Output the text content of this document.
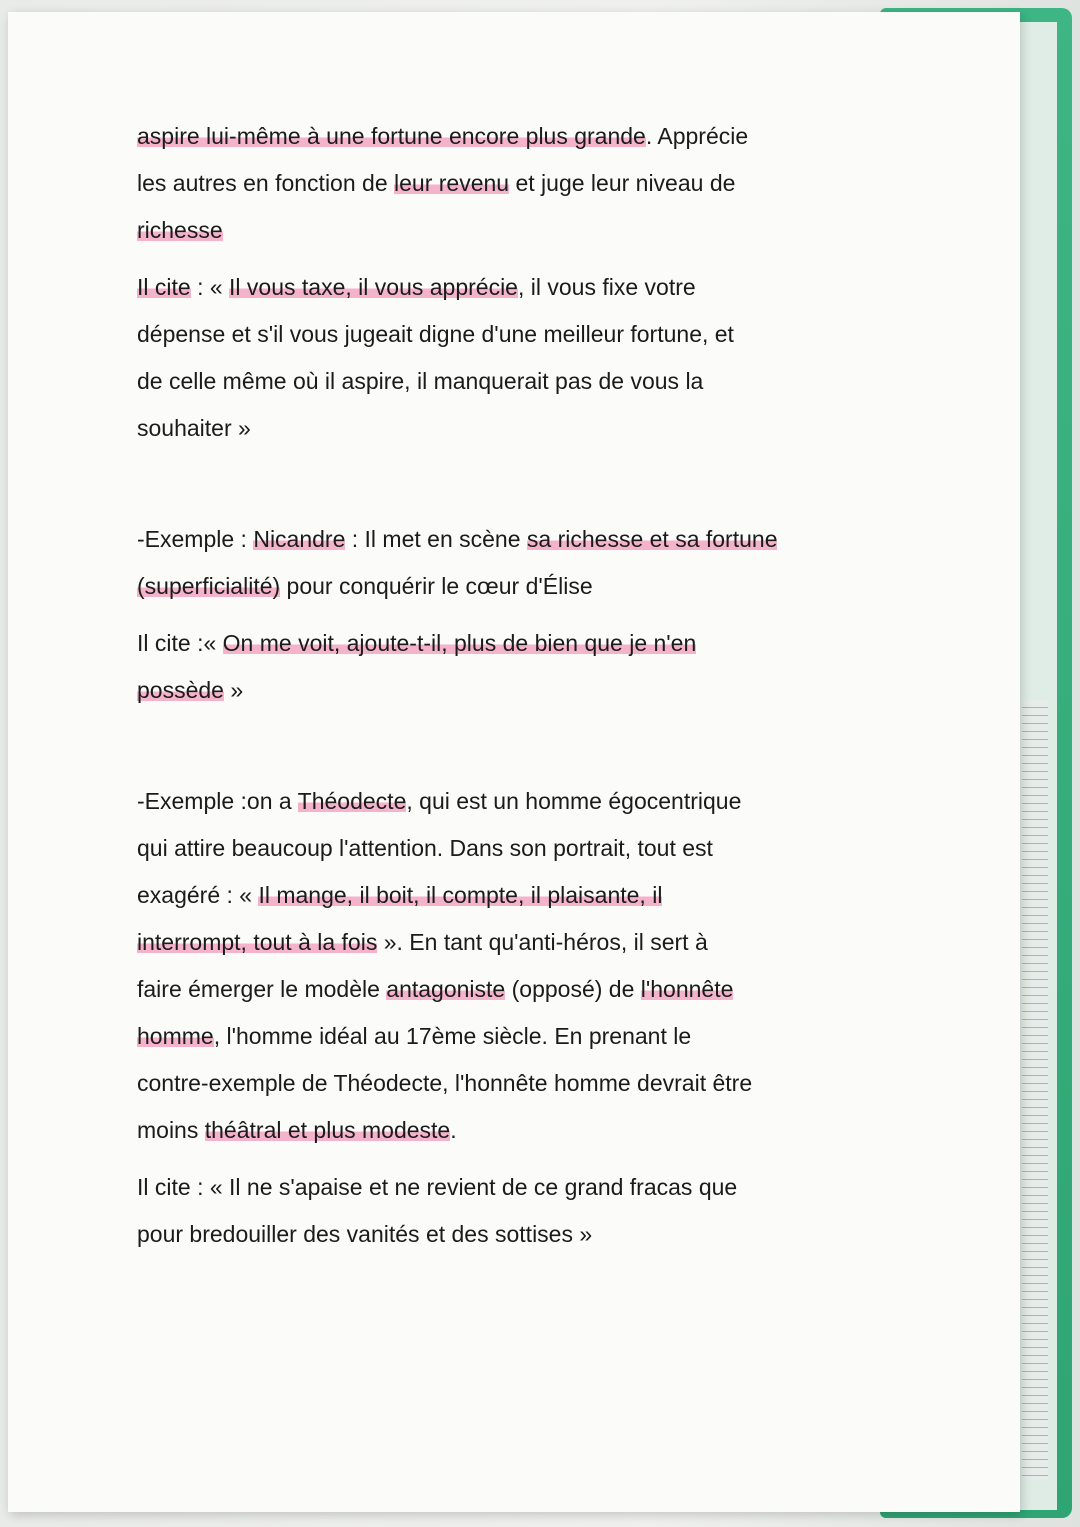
aspire lui-même à une fortune encore plus grande. Apprécie
les autres en fonction de leur revenu et juge leur niveau de
richesse
Il cite : « Il vous taxe, il vous apprécie, il vous fixe votre
dépense et s'il vous jugeait digne d'une meilleur fortune, et
de celle même où il aspire, il manquerait pas de vous la
souhaiter »
-Exemple : Nicandre : Il met en scène sa richesse et sa fortune
(superficialité) pour conquérir le cœur d'Élise
Il cite :« On me voit, ajoute-t-il, plus de bien que je n'en
possède »
-Exemple :on a Théodecte, qui est un homme égocentrique
qui attire beaucoup l'attention. Dans son portrait, tout est
exagéré : « Il mange, il boit, il compte, il plaisante, il
interrompt, tout à la fois ». En tant qu'anti-héros, il sert à
faire émerger le modèle antagoniste (opposé) de l'honnête
homme, l'homme idéal au 17ème siècle. En prenant le
contre-exemple de Théodecte, l'honnête homme devrait être
moins théâtral et plus modeste.
Il cite : « Il ne s'apaise et ne revient de ce grand fracas que
pour bredouiller des vanités et des sottises »
